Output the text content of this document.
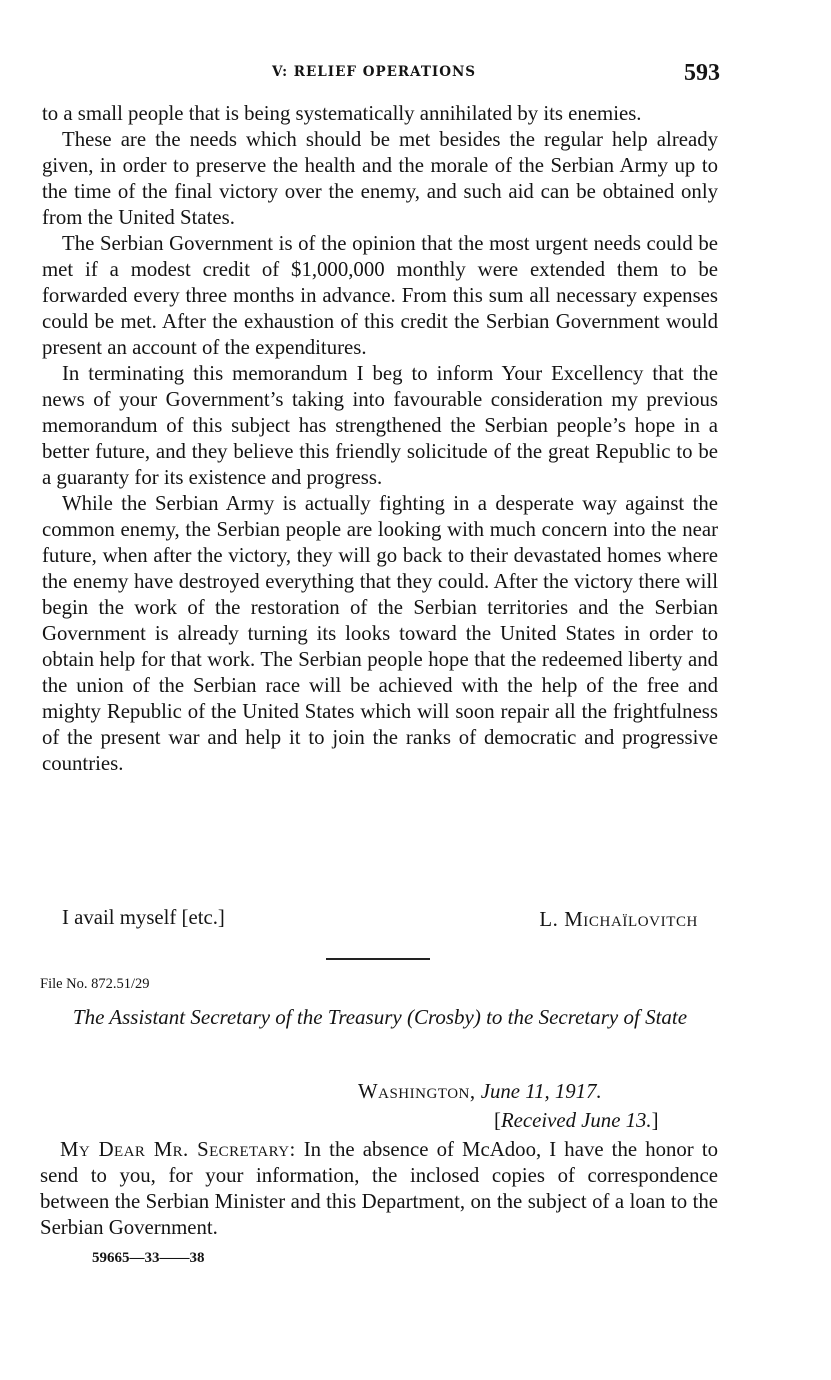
V: RELIEF OPERATIONS	593

to a small people that is being systematically annihilated by its enemies.

These are the needs which should be met besides the regular help already given, in order to preserve the health and the morale of the Serbian Army up to the time of the final victory over the enemy, and such aid can be obtained only from the United States.

The Serbian Government is of the opinion that the most urgent needs could be met if a modest credit of $1,000,000 monthly were extended them to be forwarded every three months in advance. From this sum all necessary expenses could be met. After the exhaustion of this credit the Serbian Government would present an account of the expenditures.

In terminating this memorandum I beg to inform Your Excellency that the news of your Government’s taking into favourable consideration my previous memorandum of this subject has strengthened the Serbian people’s hope in a better future, and they believe this friendly solicitude of the great Republic to be a guaranty for its existence and progress.

While the Serbian Army is actually fighting in a desperate way against the common enemy, the Serbian people are looking with much concern into the near future, when after the victory, they will go back to their devastated homes where the enemy have destroyed everything that they could. After the victory there will begin the work of the restoration of the Serbian territories and the Serbian Government is already turning its looks toward the United States in order to obtain help for that work. The Serbian people hope that the redeemed liberty and the union of the Serbian race will be achieved with the help of the free and mighty Republic of the United States which will soon repair all the frightfulness of the present war and help it to join the ranks of democratic and progressive countries.

I avail myself [etc.]	L. Michaïlovitch
File No. 872.51/29
The Assistant Secretary of the Treasury (Crosby) to the Secretary of State
Washington, June 11, 1917.
[Received June 13.]

My Dear Mr. Secretary: In the absence of McAdoo, I have the honor to send to you, for your information, the inclosed copies of correspondence between the Serbian Minister and this Department, on the subject of a loan to the Serbian Government.

59665—33——38
